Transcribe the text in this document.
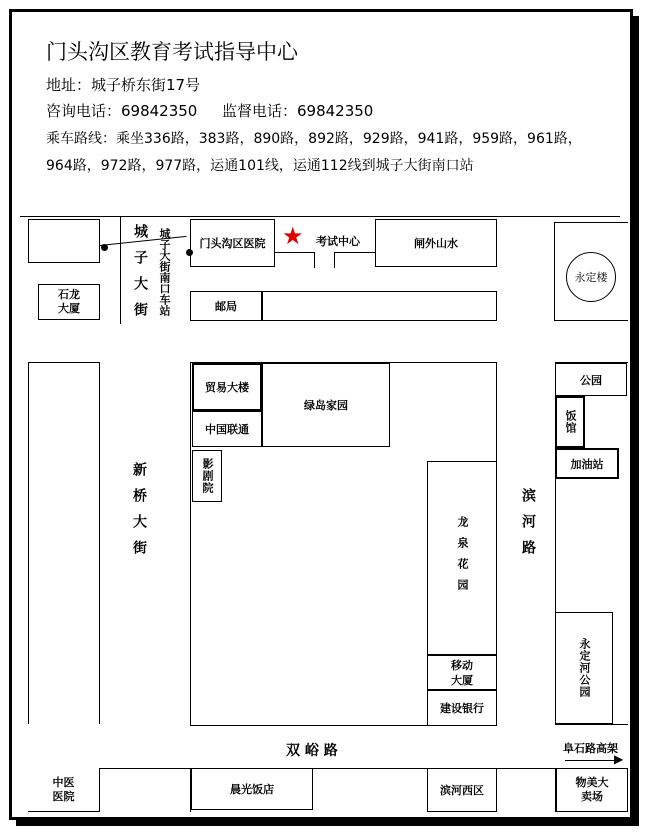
门头沟区教育考试指导中心
地址：城子桥东街17号
咨询电话：69842350 监督电话：69842350
乘车路线：乘坐336路，383路，890路，892路，929路，941路，959路，961路，
964路，972路，977路，运通101线，运通112线到城子大街南口站
▶
石龙大厦
门头沟区医院	闸外山水
邮局
永定楼
贸易大楼
绿岛家园
中国联通
影剧院
龙泉花园
移动大厦
建设银行
公园
饭馆
加油站
永定河公园
中医医院	晨光饭店	滨河西区
物美大卖场
城子大街
新桥大街	滨河路
双 峪 路
城子大街南口车站	★ 考试中心
阜石路高架
